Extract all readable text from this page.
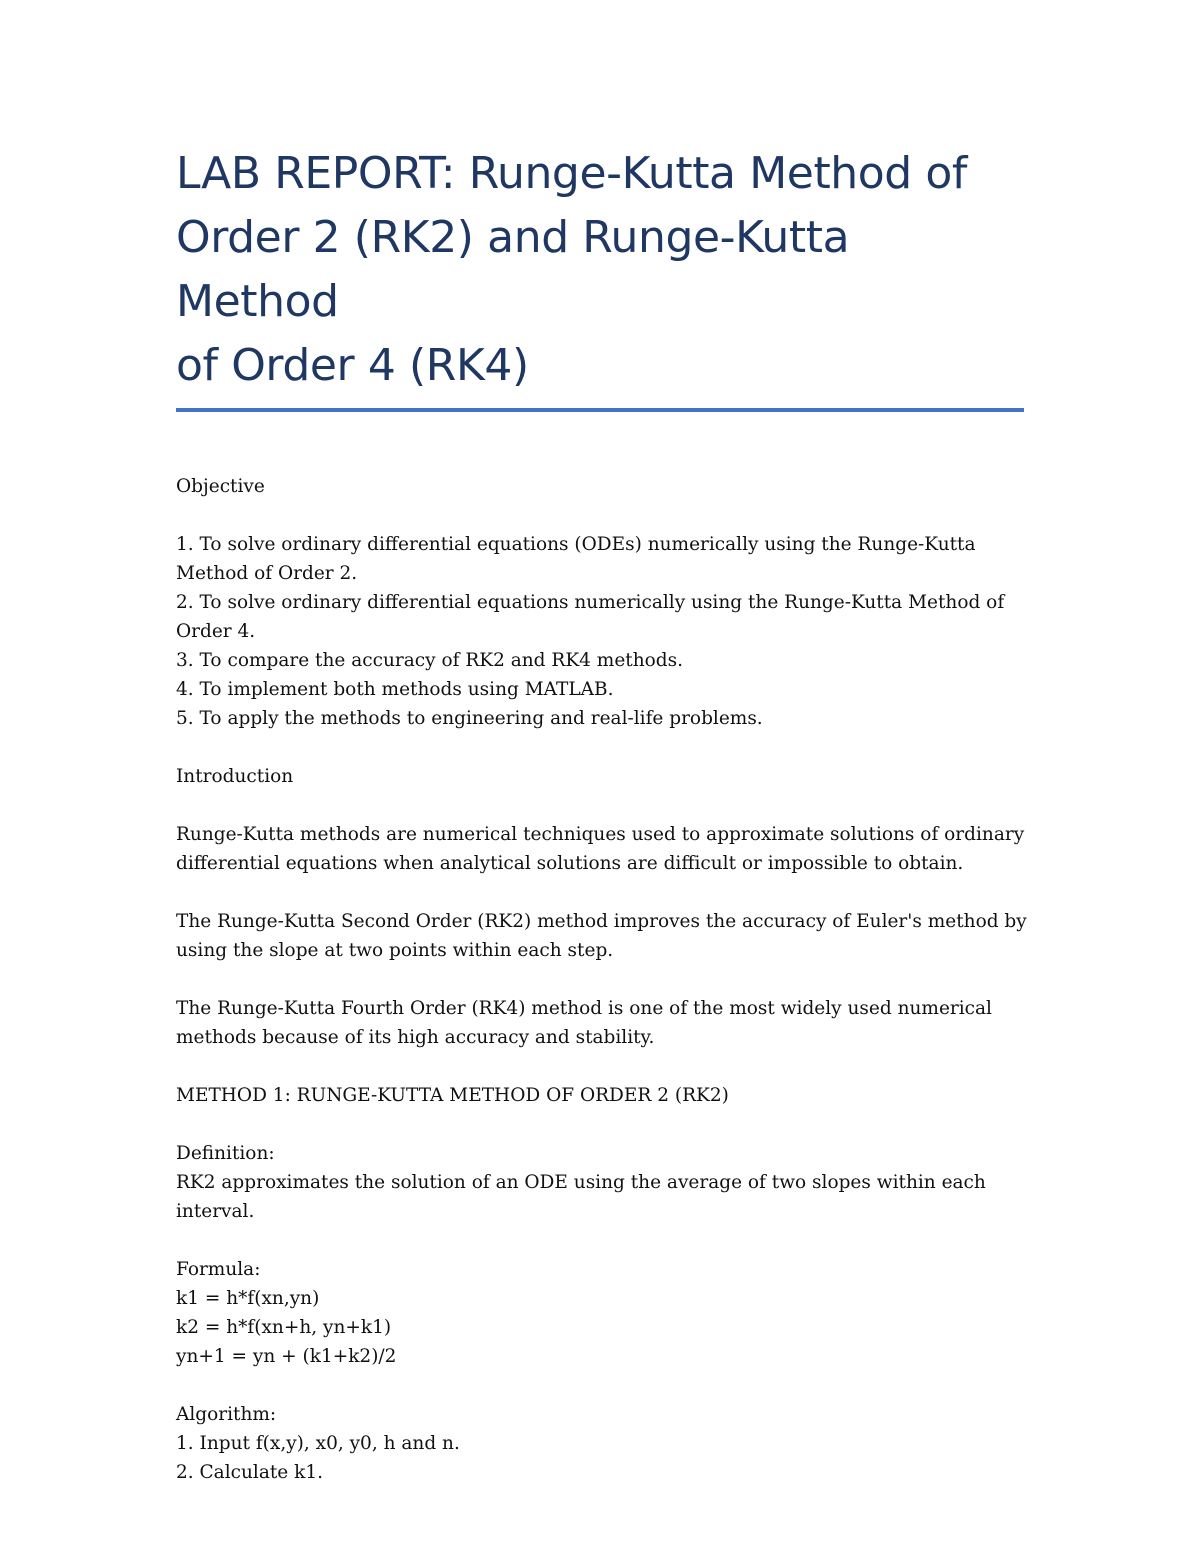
LAB REPORT: Runge-Kutta Method of
Order 2 (RK2) and Runge-Kutta Method
of Order 4 (RK4)

Objective

1. To solve ordinary differential equations (ODEs) numerically using the Runge-Kutta

Method of Order 2.

2. To solve ordinary differential equations numerically using the Runge-Kutta Method of

Order 4.

3. To compare the accuracy of RK2 and RK4 methods.

4. To implement both methods using MATLAB.

5. To apply the methods to engineering and real-life problems.

Introduction

Runge-Kutta methods are numerical techniques used to approximate solutions of ordinary

differential equations when analytical solutions are difficult or impossible to obtain.

The Runge-Kutta Second Order (RK2) method improves the accuracy of Euler's method by

using the slope at two points within each step.

The Runge-Kutta Fourth Order (RK4) method is one of the most widely used numerical

methods because of its high accuracy and stability.

METHOD 1: RUNGE-KUTTA METHOD OF ORDER 2 (RK2)

Definition:

RK2 approximates the solution of an ODE using the average of two slopes within each

interval.

Formula:

k1 = h*f(xn,yn)

k2 = h*f(xn+h, yn+k1)

yn+1 = yn + (k1+k2)/2

Algorithm:

1. Input f(x,y), x0, y0, h and n.

2. Calculate k1.
